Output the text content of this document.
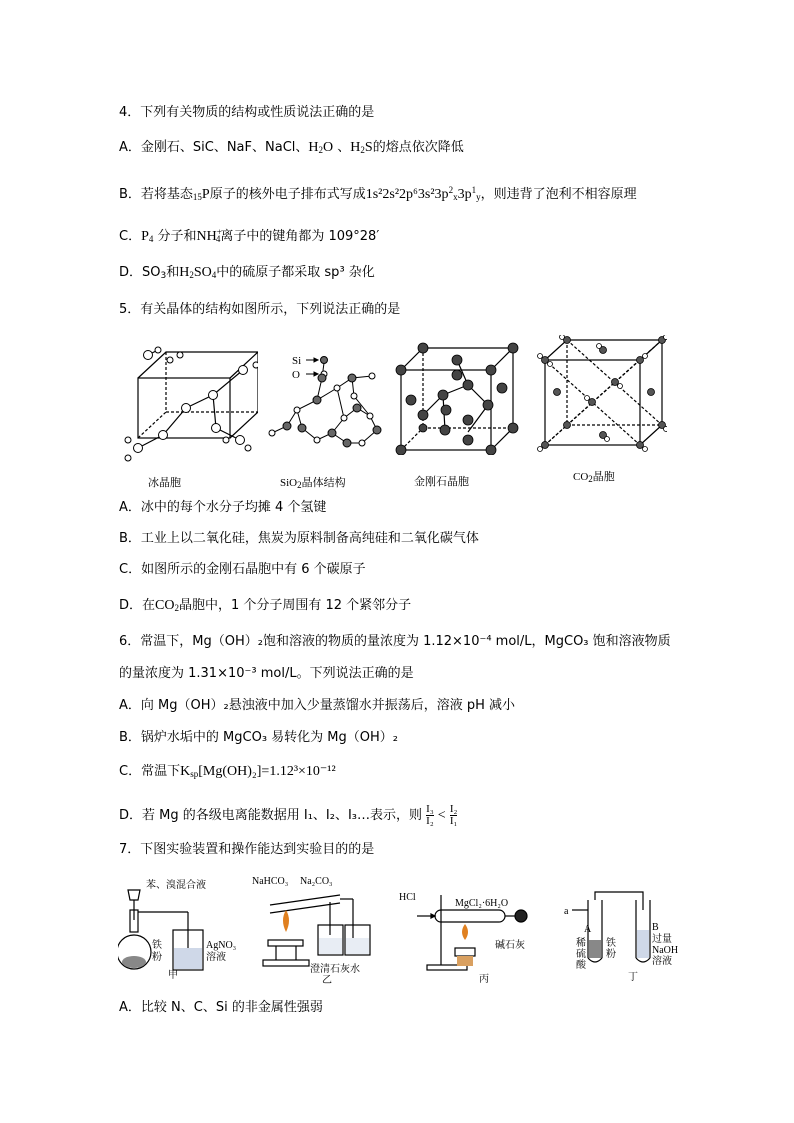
4．下列有关物质的结构或性质说法正确的是
A．金刚石、SiC、NaF、NaCl、$H_2O$ 、$H_2S$的熔点依次降低
B．若将基态$_{15}$P原子的核外电子排布式写成$1s^22s^22p^63s^23p^2_x3p^1_y$，则违背了泡利不相容原理
C．$P_4$ 分子和$NH^+_4$离子中的键角都为 109°28′
D．$SO_3$和$H_2SO_4$中的硫原子都采取 sp³ 杂化
5．有关晶体的结构如图所示，下列说法正确的是
冰晶胞
Si
O
SiO$_2$晶体结构	金刚石晶胞	$CO_2$晶胞
A．冰中的每个水分子均摊 4 个氢键
B．工业上以二氧化硅，焦炭为原料制备高纯硅和二氧化碳气体
C．如图所示的金刚石晶胞中有 6 个碳原子
D．在$CO_2$晶胞中，1 个分子周围有 12 个紧邻分子
6．常温下，Mg（OH）₂饱和溶液的物质的量浓度为 1.12×10⁻⁴ mol/L，MgCO₃ 饱和溶液物质
的量浓度为 1.31×10⁻³ mol/L。下列说法正确的是
A．向 Mg（OH）₂悬浊液中加入少量蒸馏水并振荡后，溶液 pH 减小
B．锅炉水垢中的 MgCO₃ 易转化为 Mg（OH）₂
C．常温下$K_{sp}[Mg(OH)_2]=1.12^3\times 10^{-12}$
D．若 Mg 的各级电离能数据用 I₁、I₂、I₃…表示，则 $\frac{\text{I₃}}{\text{I₂}} < \frac{\text{I₂}}{\text{I₁}}$
7．下图实验装置和操作能达到实验目的的是
苯、溴混合液
铁
粉
AgNO₃
溶液
甲
NaHCO₃ Na₂CO₃
澄清石灰水
乙
HCl
MgCl₂·6H₂O
碱石灰
丙
a
A	B
稀
硫
酸
铁
粉
过量
NaOH
溶液
丁
A．比较 N、C、Si 的非金属性强弱
